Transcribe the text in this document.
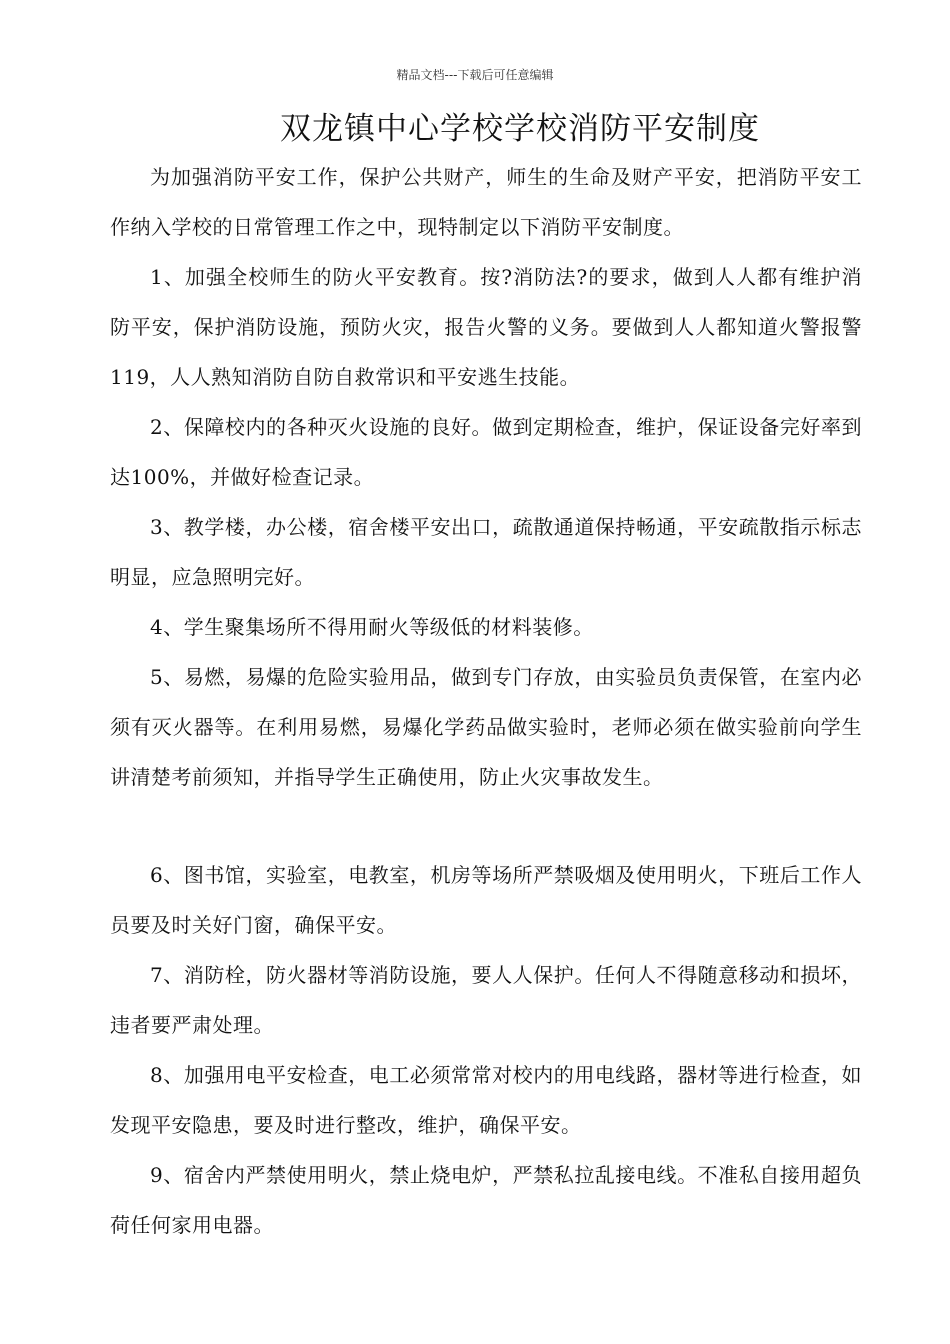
精品文档---下载后可任意编辑
双龙镇中心学校学校消防平安制度

为加强消防平安工作，保护公共财产，师生的生命及财产平安，把消防平安工作纳入学校的日常管理工作之中，现特制定以下消防平安制度。

1、加强全校师生的防火平安教育。按?消防法?的要求，做到人人都有维护消防平安，保护消防设施，预防火灾，报告火警的义务。要做到人人都知道火警报警　 119，人人熟知消防自防自救常识和平安逃生技能。

2、保障校内的各种灭火设施的良好。做到定期检查，维护，保证设备完好率到达100%，并做好检查记录。

3、教学楼，办公楼，宿舍楼平安出口，疏散通道保持畅通，平安疏散指示标志明显，应急照明完好。

4、学生聚集场所不得用耐火等级低的材料装修。

5、易燃，易爆的危险实验用品，做到专门存放，由实验员负责保管，在室内必须有灭火器等。在利用易燃，易爆化学药品做实验时，老师必须在做实验前向学生讲清楚考前须知，并指导学生正确使用，防止火灾事故发生。

6、图书馆，实验室，电教室，机房等场所严禁吸烟及使用明火，下班后工作人员要及时关好门窗，确保平安。

7、消防栓，防火器材等消防设施，要人人保护。任何人不得随意移动和损坏，违者要严肃处理。

8、加强用电平安检查，电工必须常常对校内的用电线路，器材等进行检查，如发现平安隐患，要及时进行整改，维护，确保平安。

9、宿舍内严禁使用明火，禁止烧电炉，严禁私拉乱接电线。不准私自接用超负荷任何家用电器。
